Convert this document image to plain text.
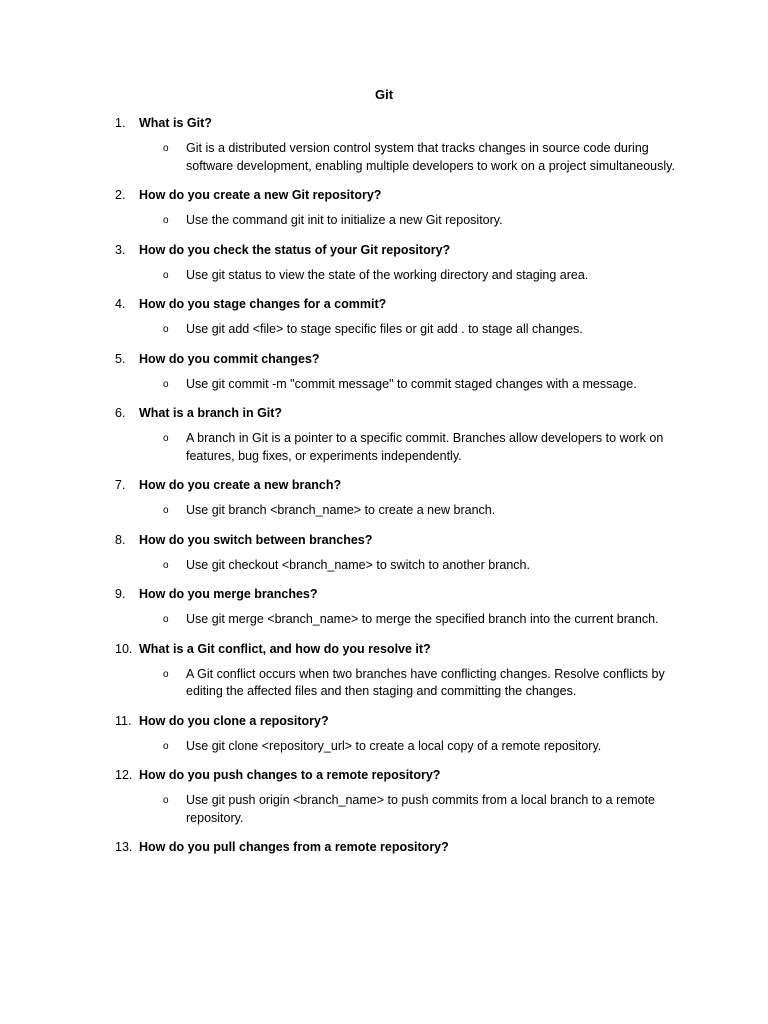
Git
1. What is Git?
o Git is a distributed version control system that tracks changes in source code during software development, enabling multiple developers to work on a project simultaneously.
2. How do you create a new Git repository?
o Use the command git init to initialize a new Git repository.
3. How do you check the status of your Git repository?
o Use git status to view the state of the working directory and staging area.
4. How do you stage changes for a commit?
o Use git add <file> to stage specific files or git add . to stage all changes.
5. How do you commit changes?
o Use git commit -m "commit message" to commit staged changes with a message.
6. What is a branch in Git?
o A branch in Git is a pointer to a specific commit. Branches allow developers to work on features, bug fixes, or experiments independently.
7. How do you create a new branch?
o Use git branch <branch_name> to create a new branch.
8. How do you switch between branches?
o Use git checkout <branch_name> to switch to another branch.
9. How do you merge branches?
o Use git merge <branch_name> to merge the specified branch into the current branch.
10. What is a Git conflict, and how do you resolve it?
o A Git conflict occurs when two branches have conflicting changes. Resolve conflicts by editing the affected files and then staging and committing the changes.
11. How do you clone a repository?
o Use git clone <repository_url> to create a local copy of a remote repository.
12. How do you push changes to a remote repository?
o Use git push origin <branch_name> to push commits from a local branch to a remote repository.
13. How do you pull changes from a remote repository?
